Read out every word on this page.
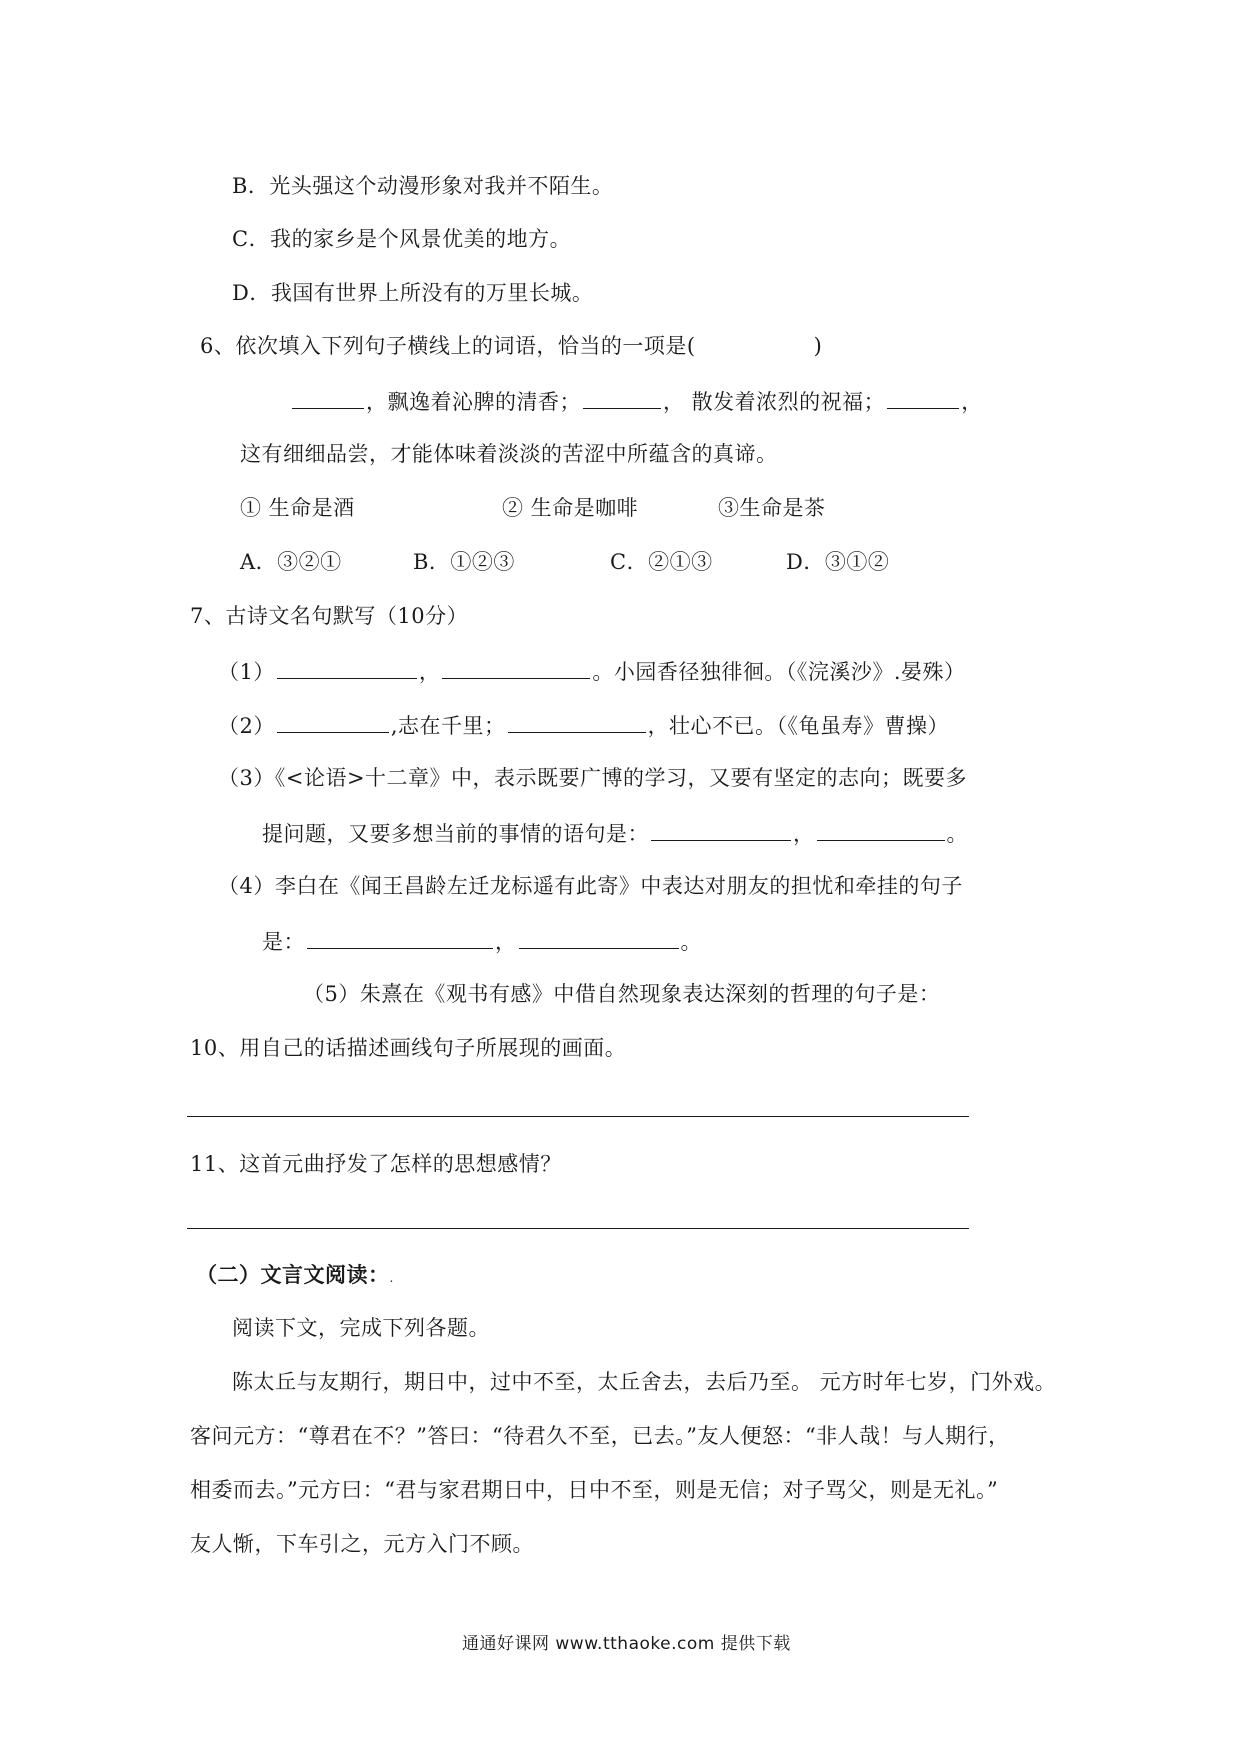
B．光头强这个动漫形象对我并不陌生。
C．我的家乡是个风景优美的地方。
D．我国有世界上所没有的万里长城。
6、依次填入下列句子横线上的词语，恰当的一项是(	)
，飘逸着沁脾的清香；	， 散发着浓烈的祝福；	，
这有细细品尝，才能体味着淡淡的苦涩中所蕴含的真谛。
① 生命是酒	② 生命是咖啡	③生命是茶
A．③②①	B．①②③	C．②①③	D．③①②
7、古诗文名句默写（10分）
（1）	，	。小园香径独徘徊。（《浣溪沙》.晏殊）
（2）	,志在千里；	，壮心不已。（《龟虽寿》曹操）
（3）《<论语>十二章》中，表示既要广博的学习，又要有坚定的志向；既要多
提问题，又要多想当前的事情的语句是：	，	。
（4）李白在《闻王昌龄左迁龙标遥有此寄》中表达对朋友的担忧和牵挂的句子
是：	，	。
（5）朱熹在《观书有感》中借自然现象表达深刻的哲理的句子是：
10、用自己的话描述画线句子所展现的画面。
11、这首元曲抒发了怎样的思想感情？
（二）文言文阅读：.
阅读下文，完成下列各题。
陈太丘与友期行，期日中，过中不至，太丘舍去，去后乃至。 元方时年七岁，门外戏。
客问元方：“尊君在不？”答曰：“待君久不至，已去。”友人便怒：“非人哉！与人期行，
相委而去。”元方曰：“君与家君期日中，日中不至，则是无信；对子骂父，则是无礼。”
友人惭，下车引之，元方入门不顾。
通通好课网 www.tthaoke.com 提供下载
